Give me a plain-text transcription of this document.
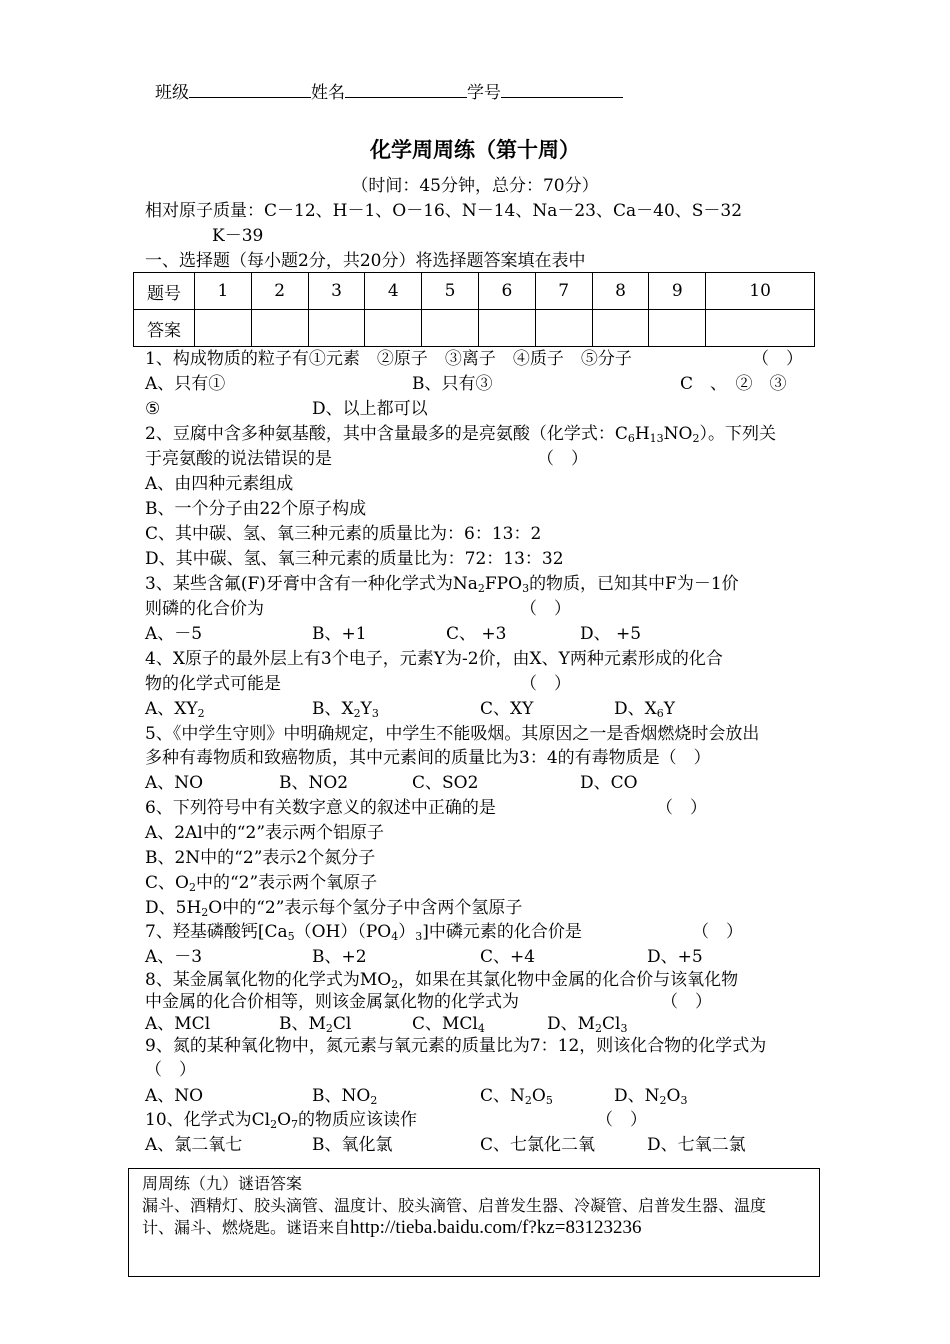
班级	姓名	学号
化学周周练（第十周）
（时间：45分钟，总分：70分）
相对原子质量：C－12、H－1、O－16、N－14、Na－23、Ca－40、S－32
K－39
一、选择题（每小题2分，共20分）将选择题答案填在表中
题号	1	2	3	4	5	6	7	8	9	10
答案										
1、构成物质的粒子有①元素　②原子　③离子　④质子　⑤分子	（　）
A、只有①	B、只有③	C　、　②　③
⑤	D、以上都可以
2、豆腐中含多种氨基酸，其中含量最多的是亮氨酸（化学式：$C_6H_{13}NO_2$）。下列关
于亮氨酸的说法错误的是	（　）
A、由四种元素组成
B、一个分子由22个原子构成
C、其中碳、氢、氧三种元素的质量比为：6：13：2
D、其中碳、氢、氧三种元素的质量比为：72：13：32
3、某些含氟(F)牙膏中含有一种化学式为$Na_2FPO_3$的物质，已知其中F为－1价
则磷的化合价为	（　）
A、－5	B、+1	C、 +3	D、 +5
4、X原子的最外层上有3个电子，元素Y为-2价，由X、Y两种元素形成的化合
物的化学式可能是	（　）
A、$XY_2$	B、$X_2Y_3$	C、XY	D、$X_6Y$
5、《中学生守则》中明确规定，中学生不能吸烟。其原因之一是香烟燃烧时会放出
多种有毒物质和致癌物质，其中元素间的质量比为3：4的有毒物质是（　）
A、NO	B、NO2	C、SO2	D、CO
6、下列符号中有关数字意义的叙述中正确的是	（　）
A、2Al中的“2”表示两个铝原子
B、2N中的“2”表示2个氮分子
C、$O_2$中的“2”表示两个氧原子
D、$5H_2O$中的“2”表示每个氢分子中含两个氢原子
7、羟基磷酸钙$[Ca_5(OH)(PO_4)_3]$中磷元素的化合价是	（　）
A、－3	B、+2	C、+4	D、+5
8、某金属氧化物的化学式为$MO_2$，如果在其氯化物中金属的化合价与该氧化物
中金属的化合价相等，则该金属氯化物的化学式为	（　）
A、MCl	B、$M_2Cl$	C、MCl$_4$	D、$M_2Cl_3$
9、氮的某种氧化物中，氮元素与氧元素的质量比为7：12，则该化合物的化学式为
（　）
A、NO	B、$NO_2$	C、$N_2O_5$	D、$N_2O_3$
10、化学式为$Cl_2O_7$的物质应该读作	（　）
A、氯二氧七	B、氧化氯	C、七氯化二氧	D、七氧二氯
周周练（九）谜语答案
漏斗、酒精灯、胶头滴管、温度计、胶头滴管、启普发生器、冷凝管、启普发生器、温度
计、漏斗、燃烧匙。谜语来自http://tieba.baidu.com/f?kz=83123236
